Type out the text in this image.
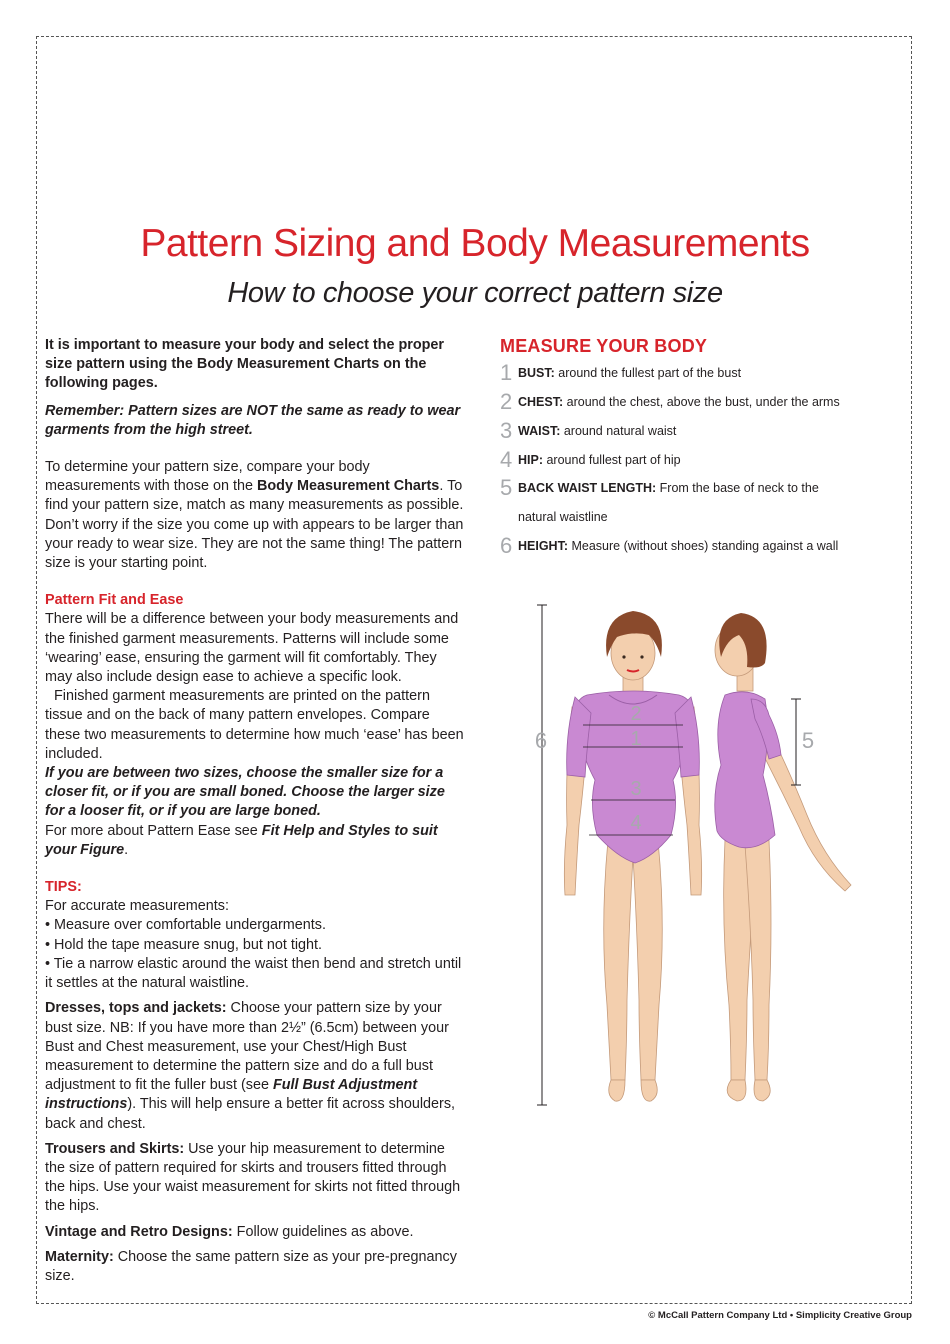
Pattern Sizing and Body Measurements
How to choose your correct pattern size

It is important to measure your body and select the proper size pattern using the Body Measurement Charts on the following pages.

Remember: Pattern sizes are NOT the same as ready to wear garments from the high street.

To determine your pattern size, compare your body measurements with those on the Body Measurement Charts. To find your pattern size, match as many measurements as possible. Don’t worry if the size you come up with appears to be larger than your ready to wear size. They are not the same thing! The pattern size is your starting point.

Pattern Fit and Ease

There will be a difference between your body measurements and the finished garment measurements. Patterns will include some ‘wearing’ ease, ensuring the garment will fit comfortably. They may also include design ease to achieve a specific look.

Finished garment measurements are printed on the pattern tissue and on the back of many pattern envelopes. Compare these two measurements to determine how much ‘ease’ has been included.

If you are between two sizes, choose the smaller size for a closer fit, or if you are small boned. Choose the larger size for a looser fit, or if you are large boned.

For more about Pattern Ease see Fit Help and Styles to suit your Figure.

TIPS:

For accurate measurements:

• Measure over comfortable undergarments.

• Hold the tape measure snug, but not tight.

• Tie a narrow elastic around the waist then bend and stretch until it settles at the natural waistline.

Dresses, tops and jackets: Choose your pattern size by your bust size. NB: If you have more than 2½” (6.5cm) between your Bust and Chest measurement, use your Chest/High Bust measurement to determine the pattern size and do a full bust adjustment to fit the fuller bust (see Full Bust Adjustment instructions). This will help ensure a better fit across shoulders, back and chest.

Trousers and Skirts: Use your hip measurement to determine the size of pattern required for skirts and trousers fitted through the hips. Use your waist measurement for skirts not fitted through the hips.

Vintage and Retro Designs: Follow guidelines as above.

Maternity: Choose the same pattern size as your pre-pregnancy size.

MEASURE YOUR BODY

1 BUST: around the fullest part of the bust
2 CHEST: around the chest, above the bust, under the arms
3 WAIST: around natural waist
4 HIP: around fullest part of hip
5 BACK WAIST LENGTH: From the base of neck to the
natural waistline
6 HEIGHT: Measure (without shoes) standing against a wall
6
2
1
3
4
5
© McCall Pattern Company Ltd • Simplicity Creative Group
